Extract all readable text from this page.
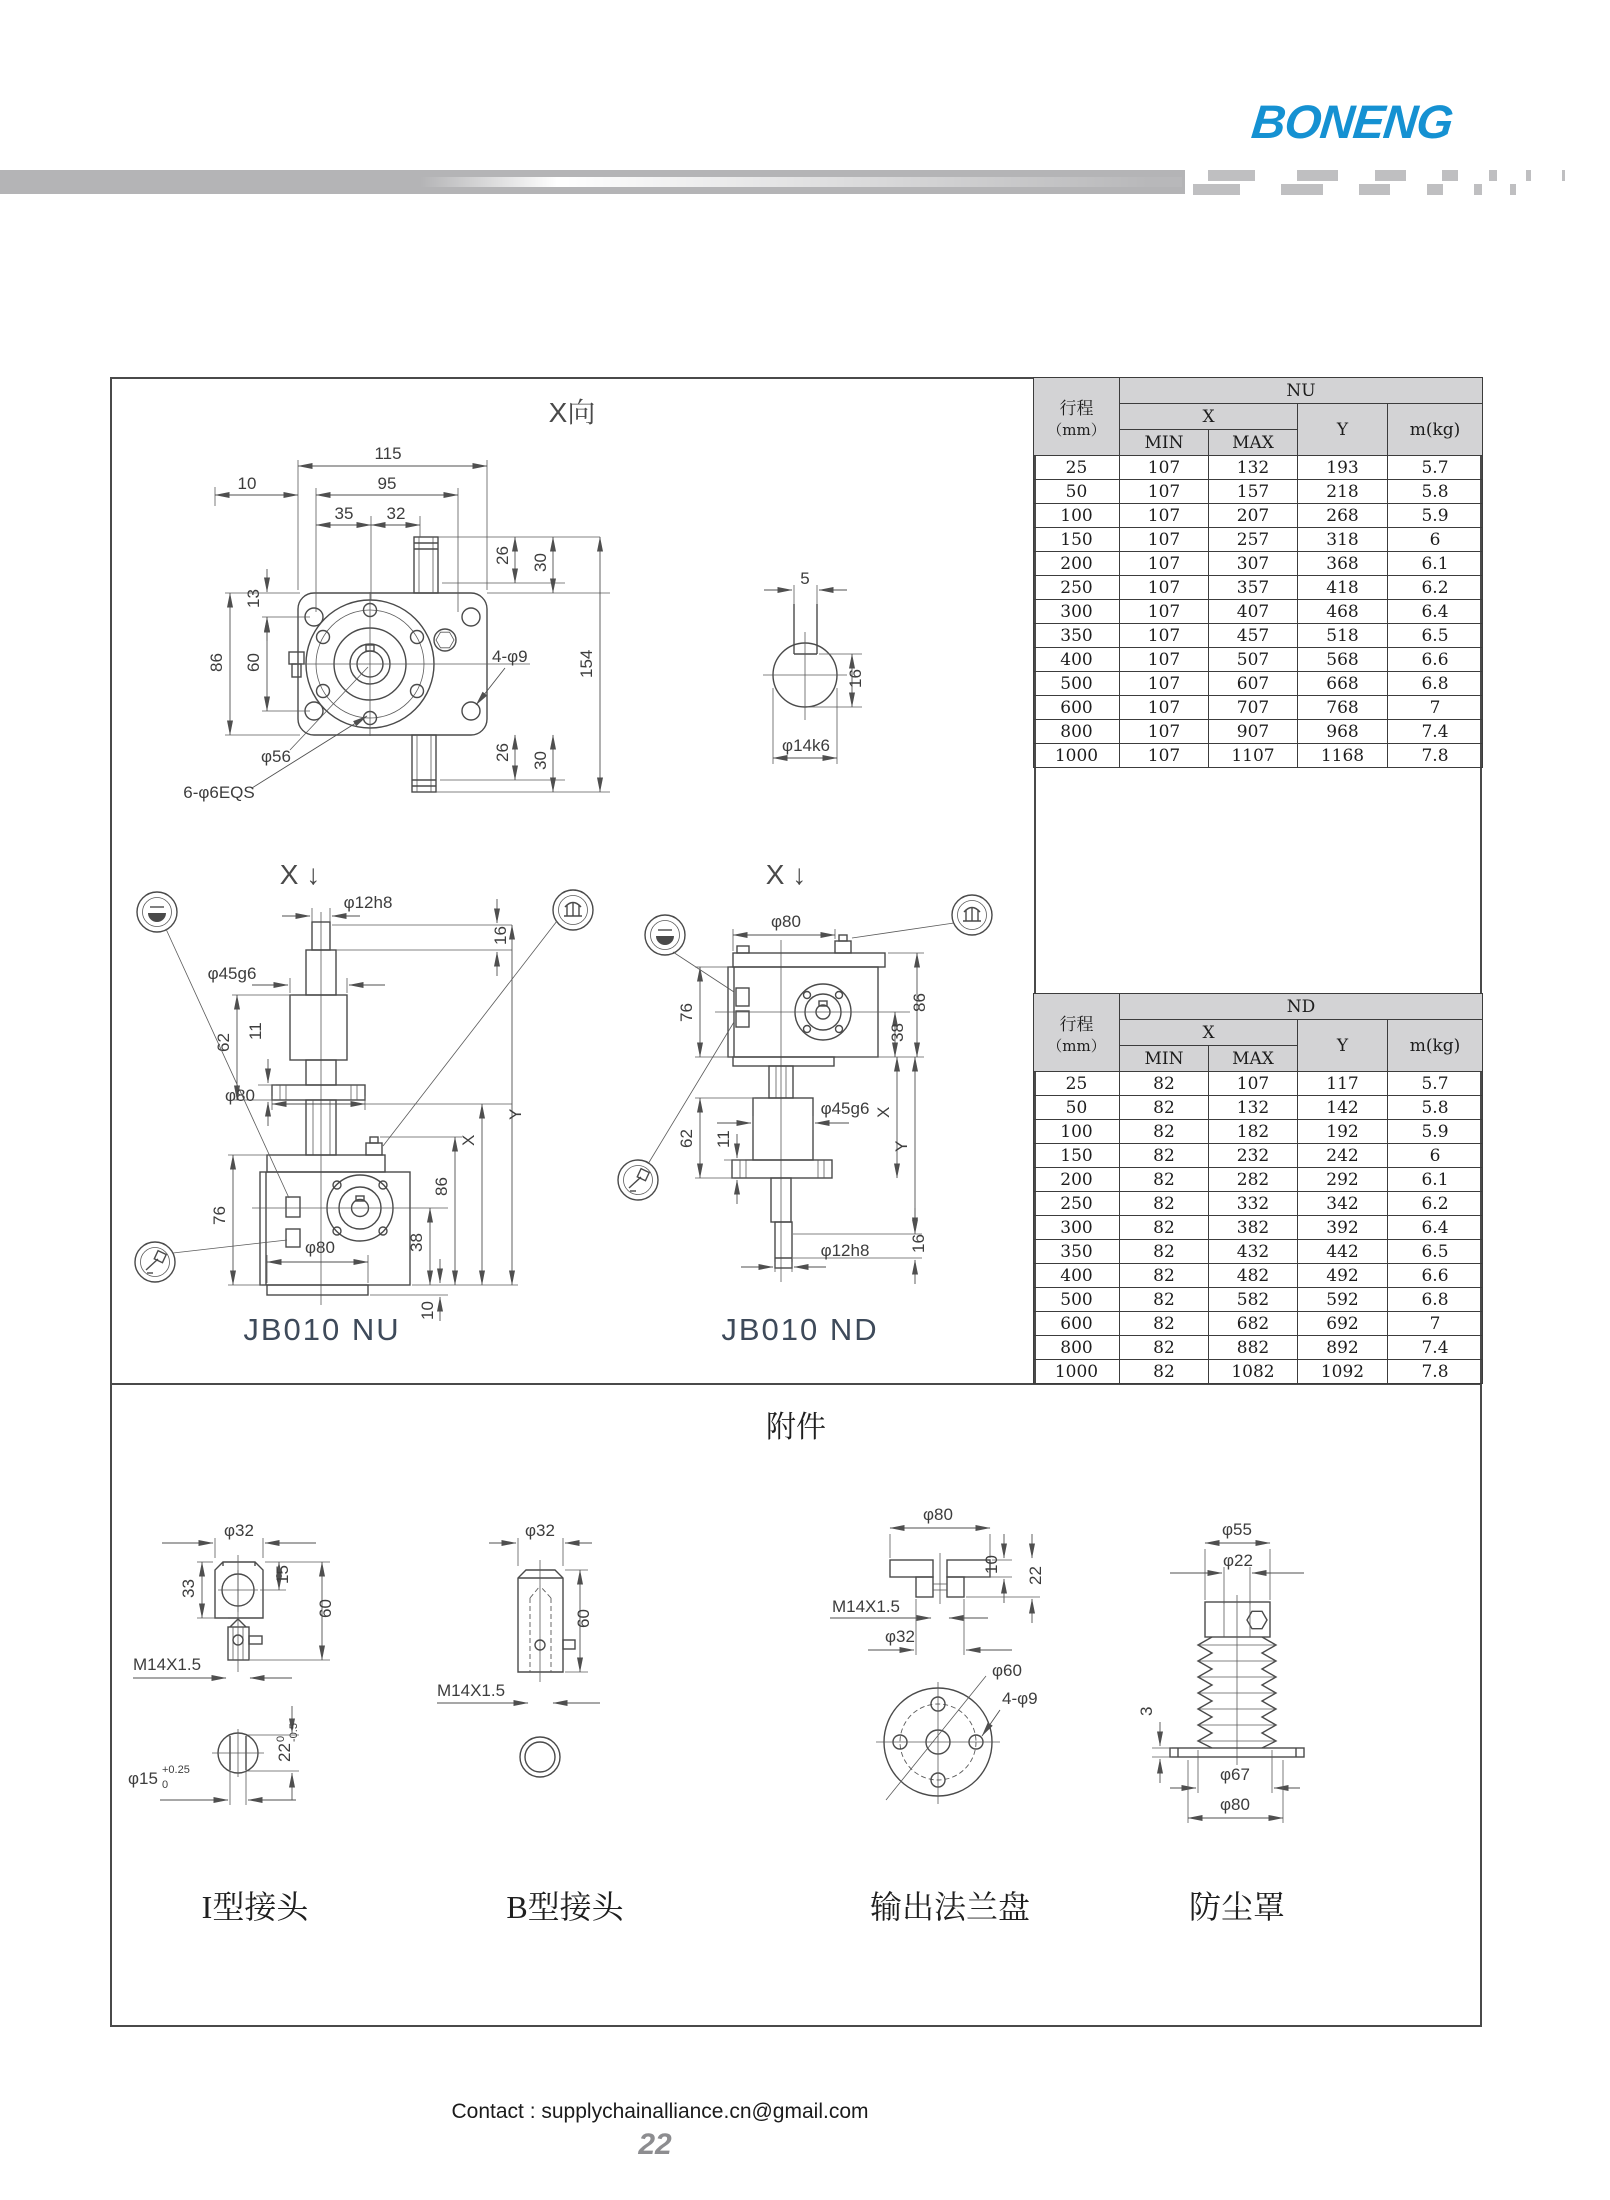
BONENG
X向
115
95
10
35 32
26 30
154
13
60
86	4-φ9
φ56
6-φ6EQS
26 30
5
16
φ14k6
X ↓	X ↓
φ12h8
16
φ45g6
62
11
φ80
76
86
38
X
Y
φ80
10
JB010 NU
φ80
76
86
38
φ45g6 X
Y
62 11
16
φ12h8
JB010 ND
φ32
33
15
60
M14X1.5
φ15 +0.25
0
22
0 -0.5
φ32
60
M14X1.5
φ80
10
22
M14X1.5
φ32
φ60
4-φ9
φ55
φ22
3
φ67
φ80
行程
（mm）	NU			
	X		Y	m(kg)
	MIN	MAX		
25	107	132	193	5.7
50	107	157	218	5.8
100	107	207	268	5.9
150	107	257	318	6
200	107	307	368	6.1
250	107	357	418	6.2
300	107	407	468	6.4
350	107	457	518	6.5
400	107	507	568	6.6
500	107	607	668	6.8
600	107	707	768	7
800	107	907	968	7.4
1000	107	1107	1168	7.8
行程
（mm）	ND			
	X		Y	m(kg)
	MIN	MAX		
25	82	107	117	5.7
50	82	132	142	5.8
100	82	182	192	5.9
150	82	232	242	6
200	82	282	292	6.1
250	82	332	342	6.2
300	82	382	392	6.4
350	82	432	442	6.5
400	82	482	492	6.6
500	82	582	592	6.8
600	82	682	692	7
800	82	882	892	7.4
1000	82	1082	1092	7.8
附件
I型接头	B型接头	输出法兰盘	防尘罩
Contact : supplychainalliance.cn@gmail.com
22
